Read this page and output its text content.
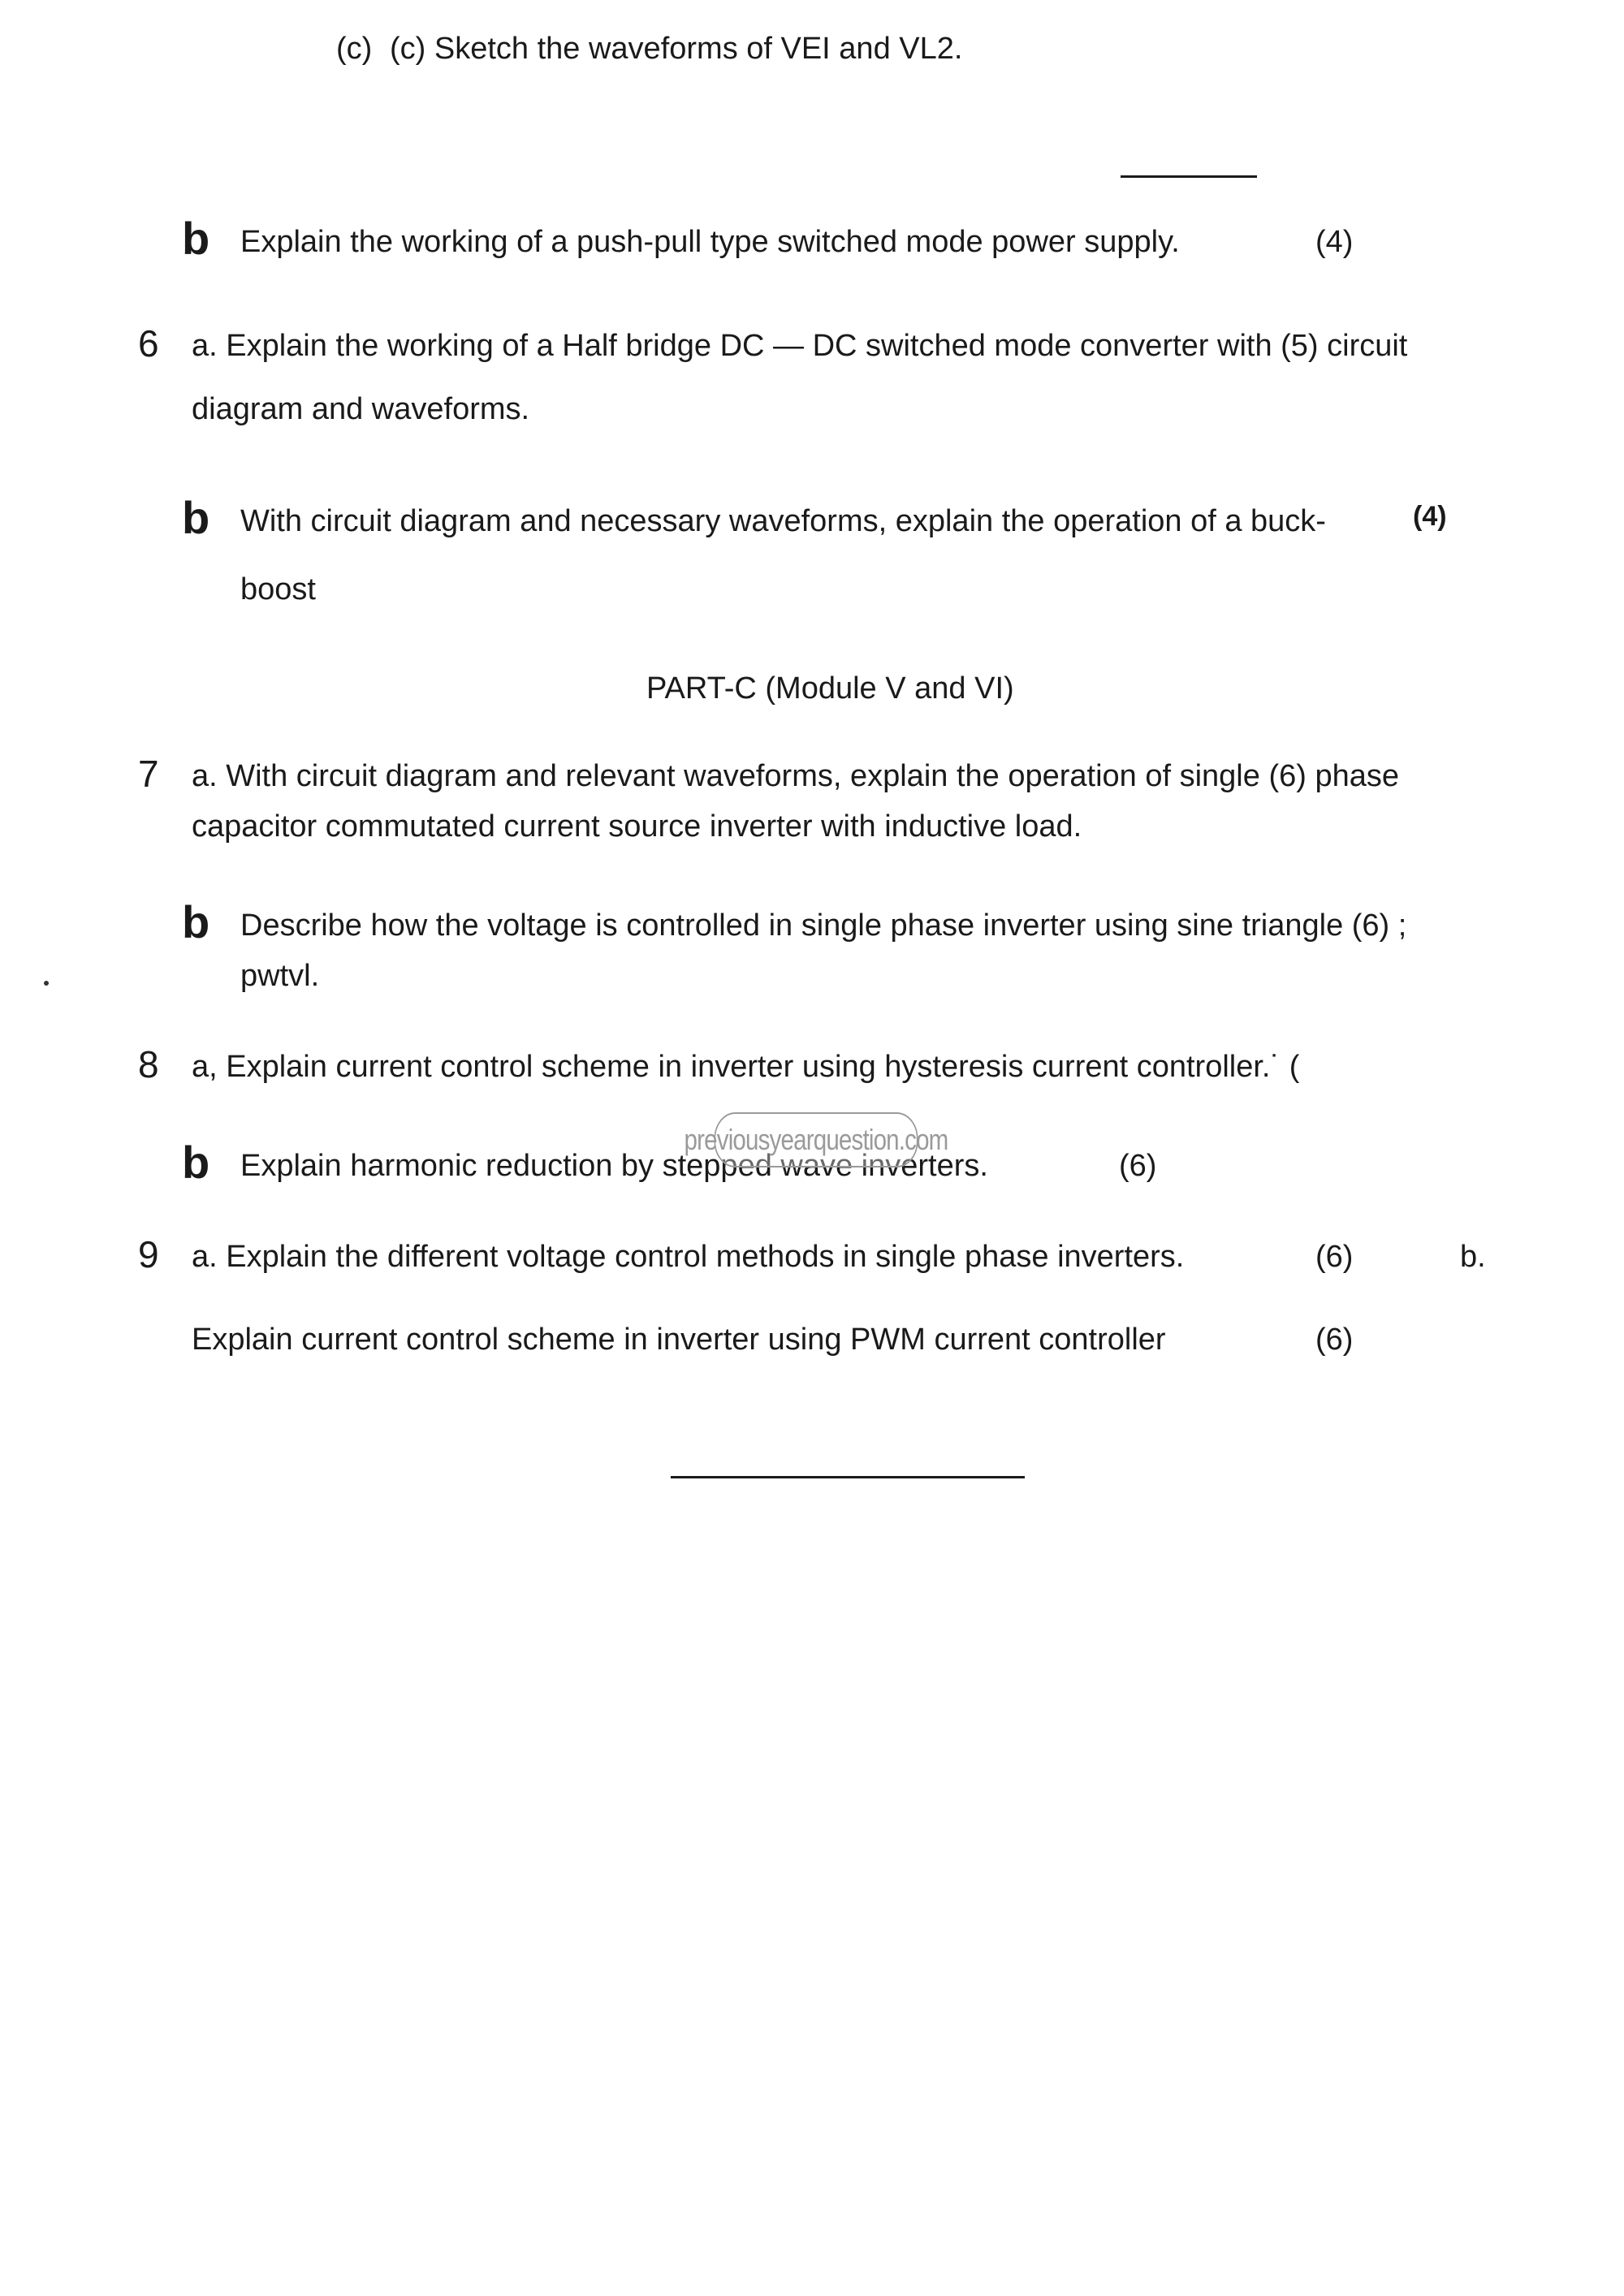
(c) (c) Sketch the waveforms of VEI and VL2.
b Explain the working of a push-pull type switched mode power supply.	(4)
6 a. Explain the working of a Half bridge DC — DC switched mode converter with (5) circuit
diagram and waveforms.
b With circuit diagram and necessary waveforms, explain the operation of a buck-	(4)
boost
PART-C (Module V and VI)
7 a. With circuit diagram and relevant waveforms, explain the operation of single (6) phase
capacitor commutated current source inverter with inductive load.
b Describe how the voltage is controlled in single phase inverter using sine triangle (6) ;
pwtvl.
8 a, Explain current control scheme in inverter using hysteresis current controller.˙ (
b Explain harmonic reduction by stepped wave inverters.	(6)
previousyearquestion.com
9 a. Explain the different voltage control methods in single phase inverters.	(6)	b.
Explain current control scheme in inverter using PWM current controller	(6)
